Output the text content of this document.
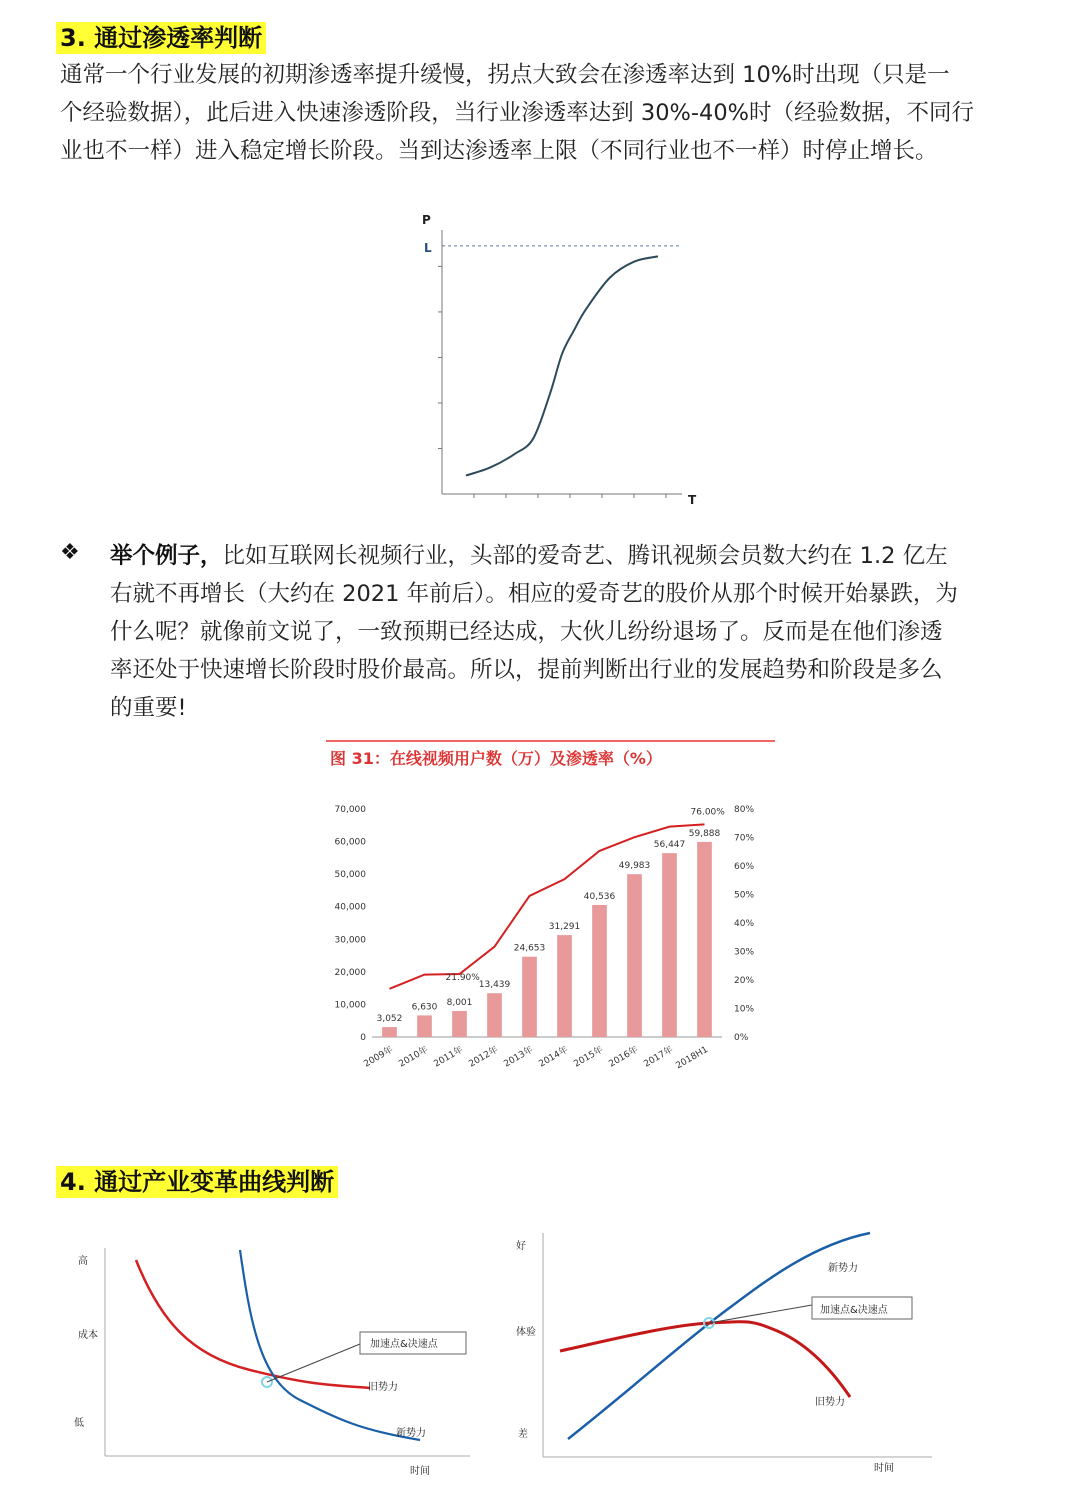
3. 通过渗透率判断
通常一个行业发展的初期渗透率提升缓慢，拐点大致会在渗透率达到 10%时出现（只是一
个经验数据），此后进入快速渗透阶段，当行业渗透率达到 30%-40%时（经验数据，不同行
业也不一样）进入稳定增长阶段。当到达渗透率上限（不同行业也不一样）时停止增长。
P
L
T
❖ 举个例子，比如互联网长视频行业，头部的爱奇艺、腾讯视频会员数大约在 1.2 亿左
右就不再增长（大约在 2021 年前后）。相应的爱奇艺的股价从那个时候开始暴跌，为
什么呢？就像前文说了，一致预期已经达成，大伙儿纷纷退场了。反而是在他们渗透
率还处于快速增长阶段时股价最高。所以，提前判断出行业的发展趋势和阶段是多么
的重要!
图 31：在线视频用户数（万）及渗透率（%）
0
10,000
20,000
30,000
40,000
50,000
60,000
70,000
0%
10%
20%
30%
40%
50%
60%
70%
80%
3,052
6,630 8,001
13,439
24,653
31,291
40,536
49,983
56,447
59,888
21.90%
76.00%
2009年 2010年 2011年 2012年 2013年 2014年 2015年 2016年 2017年 2018H1
4. 通过产业变革曲线判断
高
成本
低
时间
加速点&决速点
旧势力
新势力
好
体验
差
时间
加速点&决速点
新势力
旧势力
